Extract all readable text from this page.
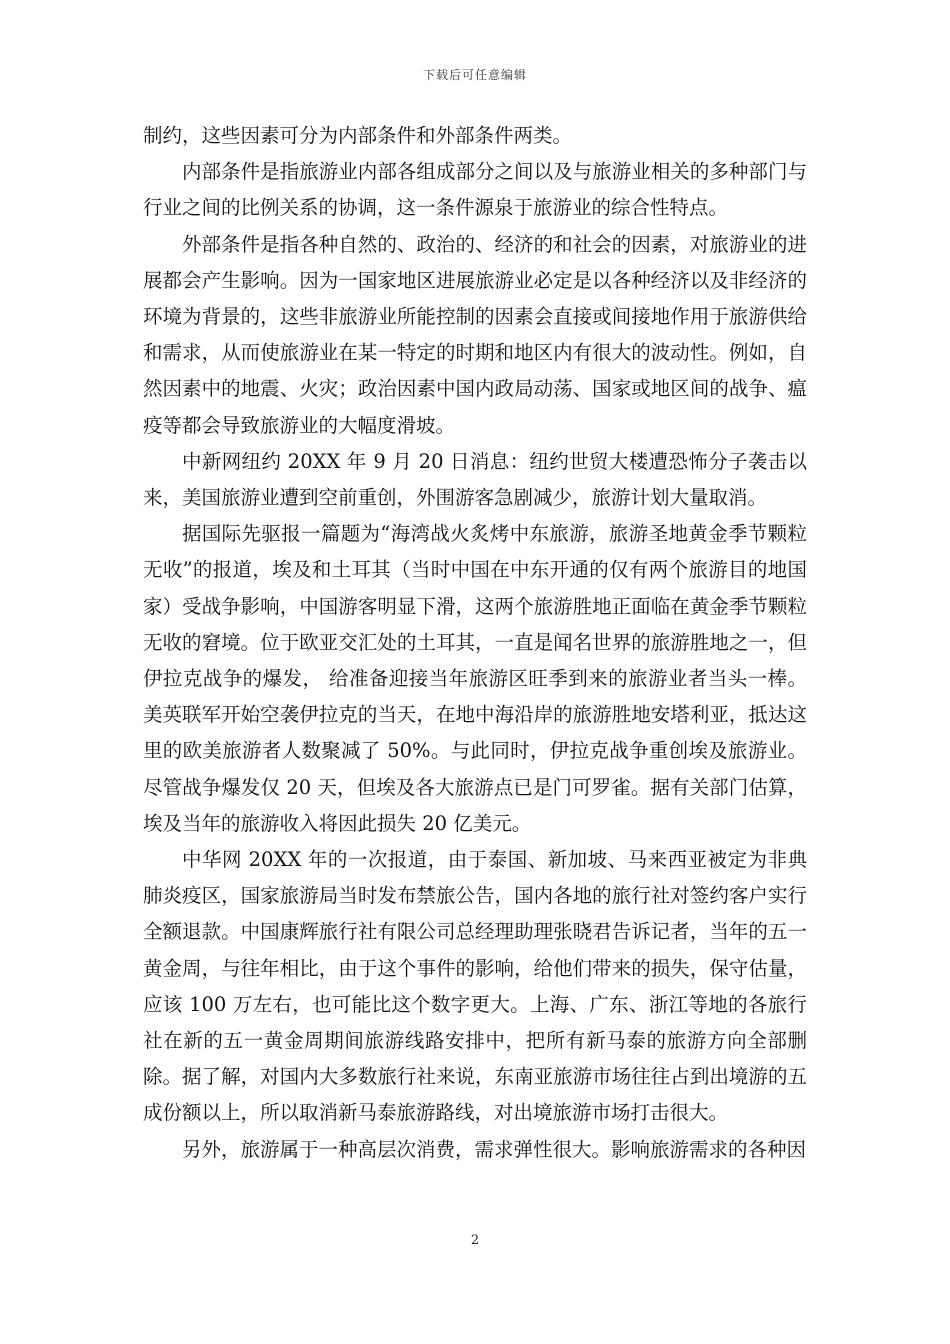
下载后可任意编辑

制约，这些因素可分为内部条件和外部条件两类。

内部条件是指旅游业内部各组成部分之间以及与旅游业相关的多种部门与行业之间的比例关系的协调，这一条件源泉于旅游业的综合性特点。

外部条件是指各种自然的、政治的、经济的和社会的因素，对旅游业的进展都会产生影响。因为一国家地区进展旅游业必定是以各种经济以及非经济的环境为背景的，这些非旅游业所能控制的因素会直接或间接地作用于旅游供给和需求，从而使旅游业在某一特定的时期和地区内有很大的波动性。例如，自然因素中的地震、火灾；政治因素中国内政局动荡、国家或地区间的战争、瘟疫等都会导致旅游业的大幅度滑坡。

中新网纽约 20XX 年 9 月 20 日消息：纽约世贸大楼遭恐怖分子袭击以来，美国旅游业遭到空前重创，外围游客急剧减少，旅游计划大量取消。

据国际先驱报一篇题为“海湾战火炙烤中东旅游，旅游圣地黄金季节颗粒无收”的报道，埃及和土耳其（当时中国在中东开通的仅有两个旅游目的地国家）受战争影响，中国游客明显下滑，这两个旅游胜地正面临在黄金季节颗粒无收的窘境。位于欧亚交汇处的土耳其，一直是闻名世界的旅游胜地之一，但伊拉克战争的爆发， 给准备迎接当年旅游区旺季到来的旅游业者当头一棒。美英联军开始空袭伊拉克的当天，在地中海沿岸的旅游胜地安塔利亚，抵达这里的欧美旅游者人数聚减了 50%。与此同时，伊拉克战争重创埃及旅游业。尽管战争爆发仅 20 天，但埃及各大旅游点已是门可罗雀。据有关部门估算，埃及当年的旅游收入将因此损失 20 亿美元。

中华网 20XX 年的一次报道，由于泰国、新加坡、马来西亚被定为非典肺炎疫区，国家旅游局当时发布禁旅公告，国内各地的旅行社对签约客户实行全额退款。中国康辉旅行社有限公司总经理助理张晓君告诉记者，当年的五一黄金周，与往年相比，由于这个事件的影响，给他们带来的损失，保守估量，应该 100 万左右，也可能比这个数字更大。上海、广东、浙江等地的各旅行社在新的五一黄金周期间旅游线路安排中，把所有新马泰的旅游方向全部删除。据了解，对国内大多数旅行社来说，东南亚旅游市场往往占到出境游的五成份额以上，所以取消新马泰旅游路线，对出境旅游市场打击很大。

另外，旅游属于一种高层次消费，需求弹性很大。影响旅游需求的各种因

2
